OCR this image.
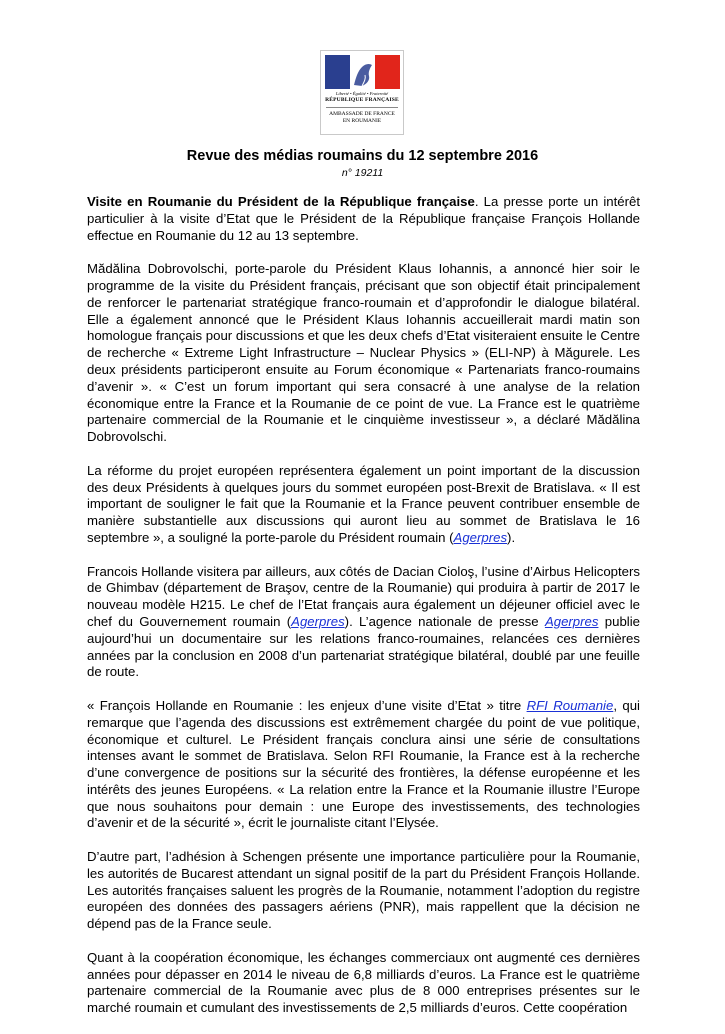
Liberté • Égalité • Fraternité
RÉPUBLIQUE FRANÇAISE
AMBASSADE DE FRANCE
EN ROUMANIE
Revue des médias roumains du 12 septembre 2016
n° 19211

Visite en Roumanie du Président de la République française. La presse porte un intérêt particulier à la visite d’Etat que le Président de la République française François Hollande effectue en Roumanie du 12 au 13 septembre.

Mădălina Dobrovolschi, porte-parole du Président Klaus Iohannis, a annoncé hier soir le programme de la visite du Président français, précisant que son objectif était principalement de renforcer le partenariat stratégique franco-roumain et d’approfondir le dialogue bilatéral. Elle a également annoncé que le Président Klaus Iohannis accueillerait mardi matin son homologue français pour discussions et que les deux chefs d’Etat visiteraient ensuite le Centre de recherche « Extreme Light Infrastructure – Nuclear Physics » (ELI-NP) à Măgurele. Les deux présidents participeront ensuite au Forum économique « Partenariats franco-roumains d’avenir ». « C’est un forum important qui sera consacré à une analyse de la relation économique entre la France et la Roumanie de ce point de vue. La France est le quatrième partenaire commercial de la Roumanie et le cinquième investisseur », a déclaré Mădălina Dobrovolschi.

La réforme du projet européen représentera également un point important de la discussion des deux Présidents à quelques jours du sommet européen post-Brexit de Bratislava. « Il est important de souligner le fait que la Roumanie et la France peuvent contribuer ensemble de manière substantielle aux discussions qui auront lieu au sommet de Bratislava le 16 septembre », a souligné la porte-parole du Président roumain (Agerpres).

Francois Hollande visitera par ailleurs, aux côtés de Dacian Cioloş, l’usine d’Airbus Helicopters de Ghimbav (département de Braşov, centre de la Roumanie) qui produira à partir de 2017 le nouveau modèle H215. Le chef de l’Etat français aura également un déjeuner officiel avec le chef du Gouvernement roumain (Agerpres). L’agence nationale de presse Agerpres publie aujourd’hui un documentaire sur les relations franco-roumaines, relancées ces dernières années par la conclusion en 2008 d’un partenariat stratégique bilatéral, doublé par une feuille de route.

« François Hollande en Roumanie : les enjeux d’une visite d’Etat » titre RFI Roumanie, qui remarque que l’agenda des discussions est extrêmement chargée du point de vue politique, économique et culturel. Le Président français conclura ainsi une série de consultations intenses avant le sommet de Bratislava. Selon RFI Roumanie, la France est à la recherche d’une convergence de positions sur la sécurité des frontières, la défense européenne et les intérêts des jeunes Européens. « La relation entre la France et la Roumanie illustre l’Europe que nous souhaitons pour demain : une Europe des investissements, des technologies d’avenir et de la sécurité », écrit le journaliste citant l’Elysée.

D’autre part, l’adhésion à Schengen présente une importance particulière pour la Roumanie, les autorités de Bucarest attendant un signal positif de la part du Président François Hollande. Les autorités françaises saluent les progrès de la Roumanie, notamment l’adoption du registre européen des données des passagers aériens (PNR), mais rappellent que la décision ne dépend pas de la France seule.

Quant à la coopération économique, les échanges commerciaux ont augmenté ces dernières années pour dépasser en 2014 le niveau de 6,8 milliards d’euros. La France est le quatrième partenaire commercial de la Roumanie avec plus de 8 000 entreprises présentes sur le marché roumain et cumulant des investissements de 2,5 milliards d’euros. Cette coopération
